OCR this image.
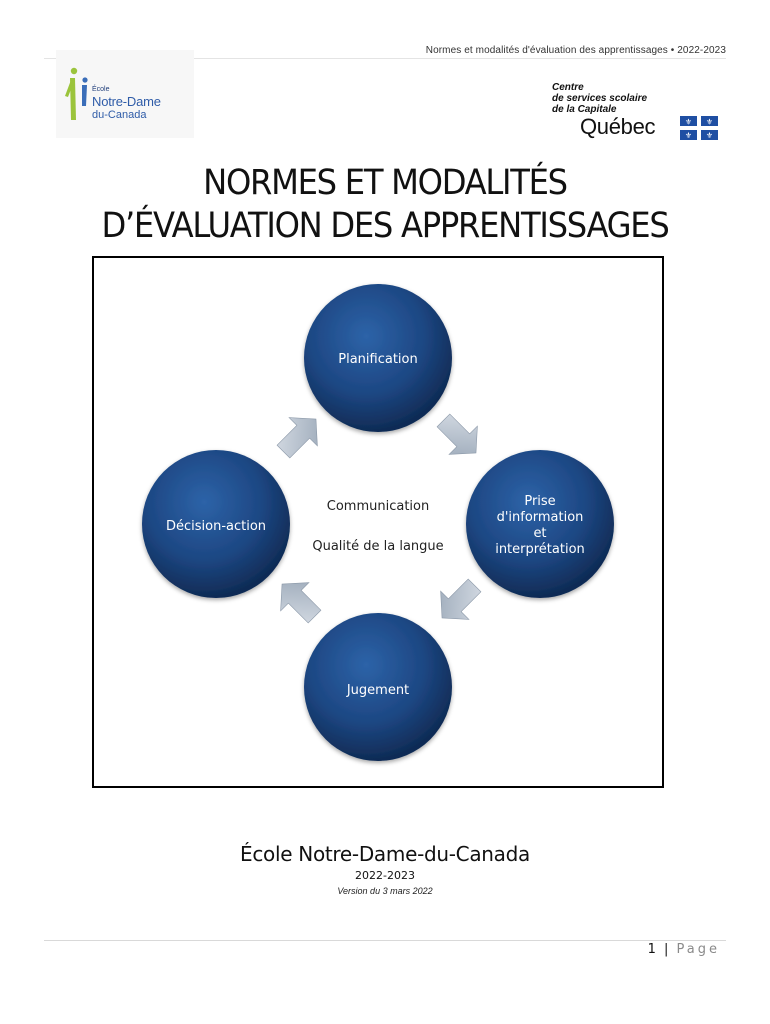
Normes et modalités d'évaluation des apprentissages • 2022-2023
École
Notre-Dame
du-Canada
Centre
de services scolaire
de la Capitale
Québec	⚜ ⚜
⚜ ⚜
NORMES ET MODALITÉS
D’ÉVALUATION DES APPRENTISSAGES
Planification
Prise
d'information
et
interprétation
Jugement
Décision-action
Communication
Qualité de la langue
École Notre-Dame-du-Canada
2022-2023
Version du 3 mars 2022
1 | Page
